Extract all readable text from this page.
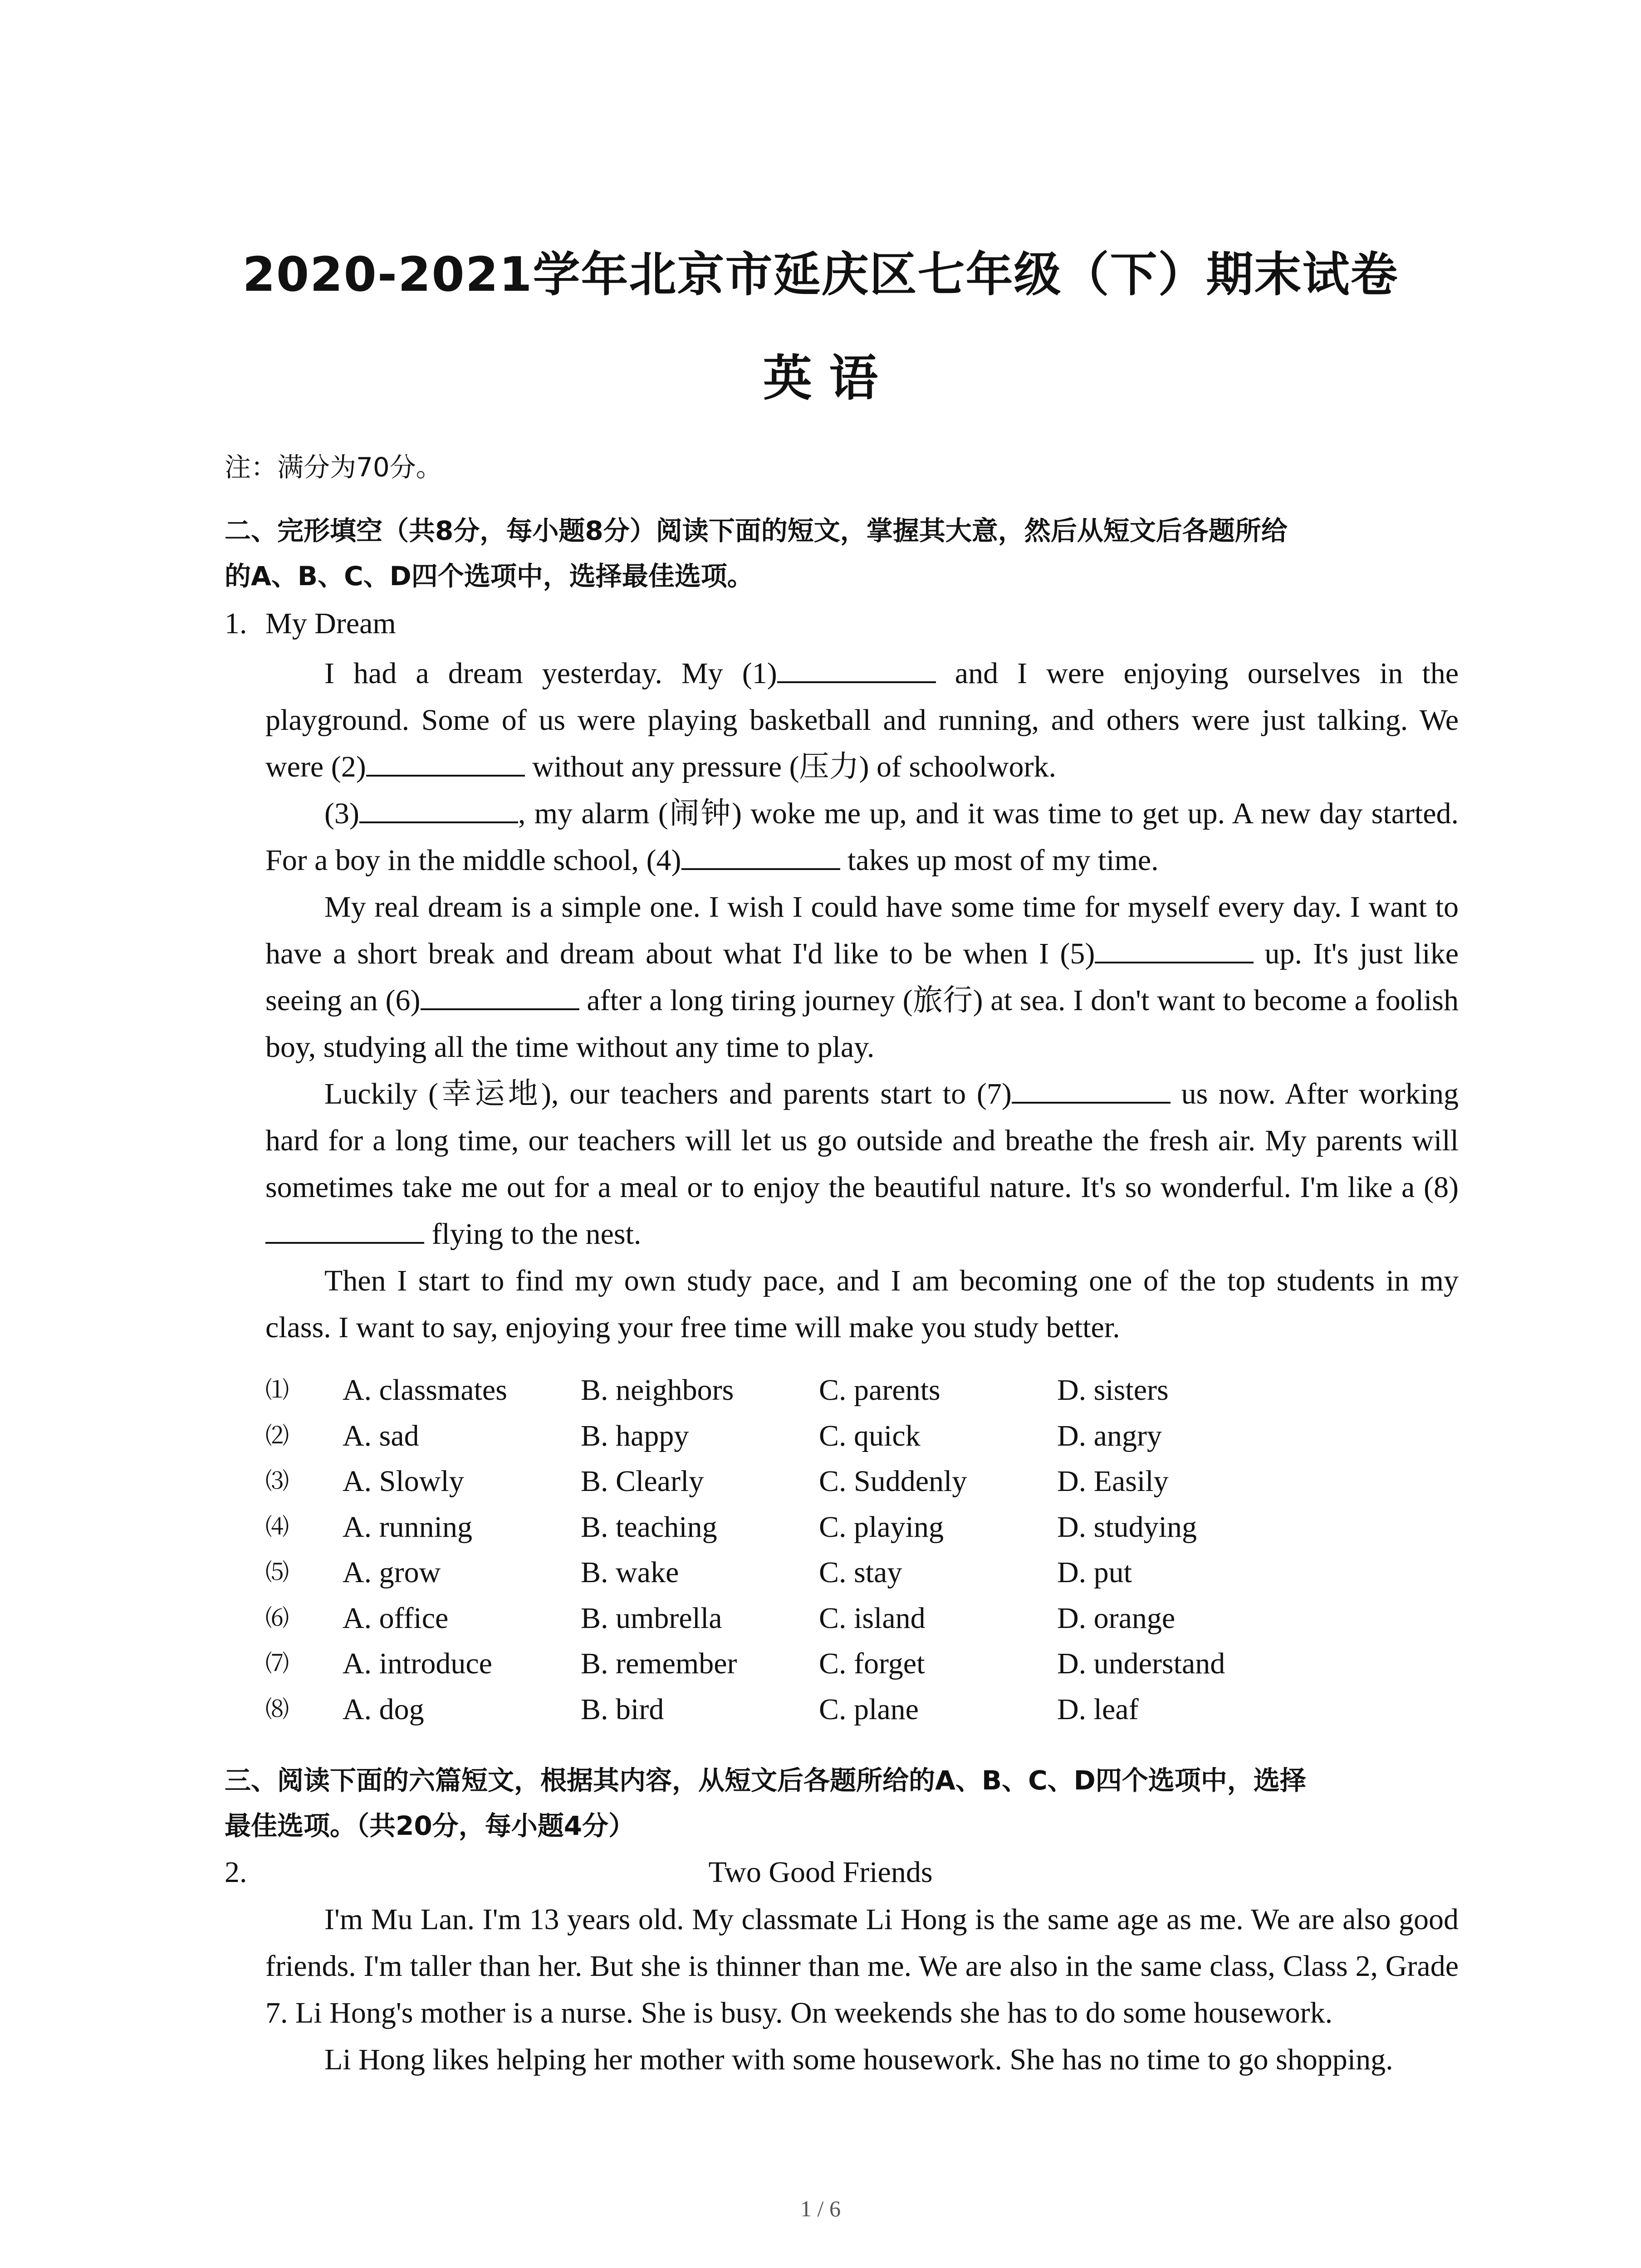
2020-2021学年北京市延庆区七年级（下）期末试卷
英 语
注：满分为70分。
二、完形填空（共8分，每小题8分）阅读下面的短文，掌握其大意，然后从短文后各题所给
的A、B、C、D四个选项中，选择最佳选项。
1. My Dream

I had a dream yesterday. My (1)	and I were enjoying ourselves in the playground. Some of us were playing basketball and running, and others were just talking. We were (2)	without any pressure (压力) of schoolwork.

(3)	, my alarm (闹钟) woke me up, and it was time to get up. A new day started. For a boy in the middle school, (4)	takes up most of my time.

My real dream is a simple one. I wish I could have some time for myself every day. I want to have a short break and dream about what I'd like to be when I (5)	up. It's just like seeing an (6)	after a long tiring journey (旅行) at sea. I don't want to become a foolish boy, studying all the time without any time to play.

Luckily (幸运地), our teachers and parents start to (7)	us now. After working hard for a long time, our teachers will let us go outside and breathe the fresh air. My parents will sometimes take me out for a meal or to enjoy the beautiful nature. It's so wonderful. I'm like a (8) flying to the nest.

Then I start to find my own study pace, and I am becoming one of the top students in my class. I want to say, enjoying your free time will make you study better.

⑴ A. classmates B. neighbors	C. parents	D. sisters
⑵ A. sad	B. happy	C. quick	D. angry
⑶ A. Slowly	B. Clearly	C. Suddenly	D. Easily
⑷ A. running	B. teaching	C. playing	D. studying
⑸ A. grow	B. wake	C. stay	D. put
⑹ A. office	B. umbrella	C. island	D. orange
⑺ A. introduce	B. remember	C. forget	D. understand
⑻ A. dog	B. bird	C. plane	D. leaf
三、阅读下面的六篇短文，根据其内容，从短文后各题所给的A、B、C、D四个选项中，选择
最佳选项。（共20分，每小题4分）
2.	Two Good Friends

I'm Mu Lan. I'm 13 years old. My classmate Li Hong is the same age as me. We are also good friends. I'm taller than her. But she is thinner than me. We are also in the same class, Class 2, Grade 7. Li Hong's mother is a nurse. She is busy. On weekends she has to do some housework.

Li Hong likes helping her mother with some housework. She has no time to go shopping.

1 / 6
